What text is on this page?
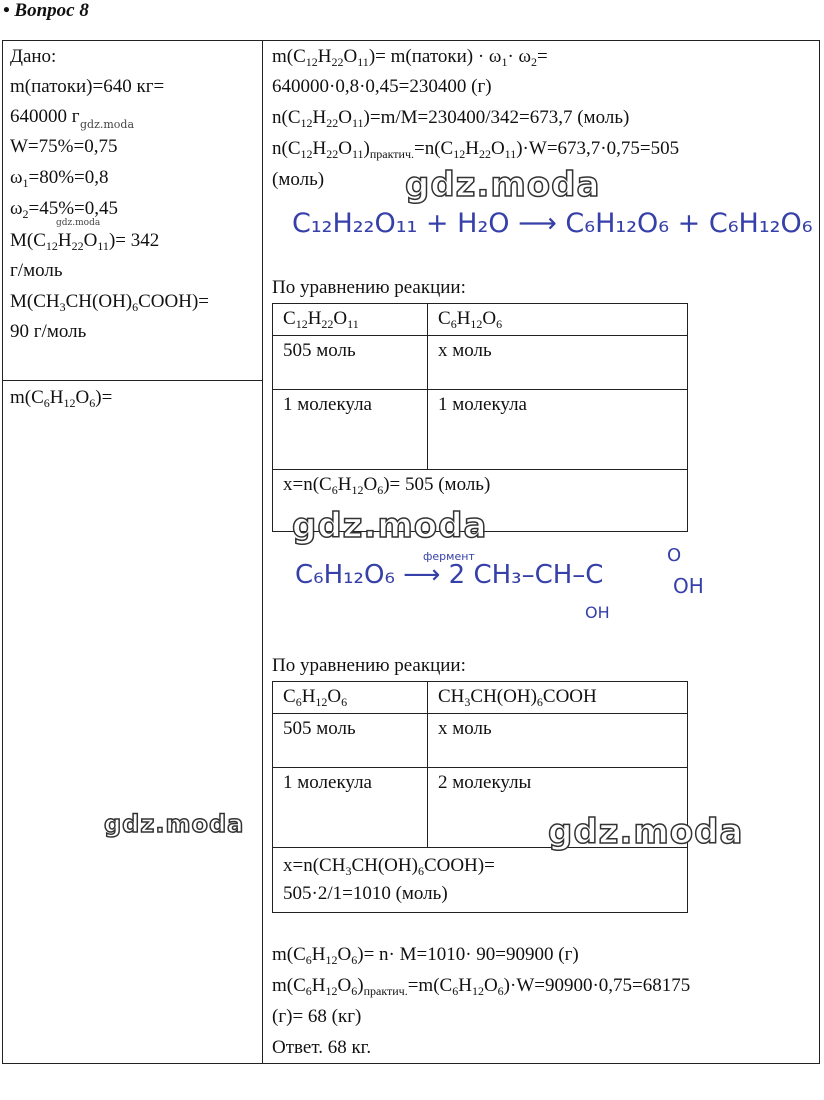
• Вопрос 8
Дано:
m(патоки)=640 кг=
640000 г
W=75%=0,75
$\omega_1=80\%=0,8$
$\omega_2=45\%=0,45$
$M(C_{12}H_{22}O_{11})= 342$
г/моль
$M(CH_3CH(OH)_6COOH)=$
90 г/моль
$m(C_6H_{12}O_6)=$
$m(C_{12}H_{22}O_{11})=$ m(патоки) · $\omega_1\cdot \omega_2=$
640000·0,8·0,45=230400 (г)
$n(C_{12}H_{22}O_{11})=m/M=230400/342=673,7$ (моль)
$n(C_{12}H_{22}O_{11})_{практич.}=n(C_{12}H_{22}O_{11})\cdot W=673,7\cdot 0,75=505$
(моль)
C₁₂H₂₂O₁₁ + H₂O ⟶ C₆H₁₂O₆ + C₆H₁₂O₆
По уравнению реакции:
$C_{12}H_{22}O_{11}$	$C_6H_{12}O_6$
505 моль	x моль
1 молекула	1 молекула
$x=n(C_6H_{12}O_6)= 505$ (моль)	
фермент
C₆H₁₂O₆ ⟶ 2 CH₃–CH–C
OH
O
OH
По уравнению реакции:
$C_6H_{12}O_6$	$CH_3CH(OH)_6COOH$
505 моль	x моль
1 молекула	2 молекулы

$x=n(CH_3CH(OH)_6COOH)=$
505·2/1=1010 (моль)	
$m(C_6H_{12}O_6)= n\cdot M=1010\cdot 90=90900$ (г)
$m(C_6H_{12}O_6)_{практич.}=m(C_6H_{12}O_6)\cdot W=90900\cdot 0,75=68175$
(г)= 68 (кг)
Ответ. 68 кг.
gdz.moda
gdz.moda
gdz.moda	gdz.moda
gdz.moda
gdz.moda
